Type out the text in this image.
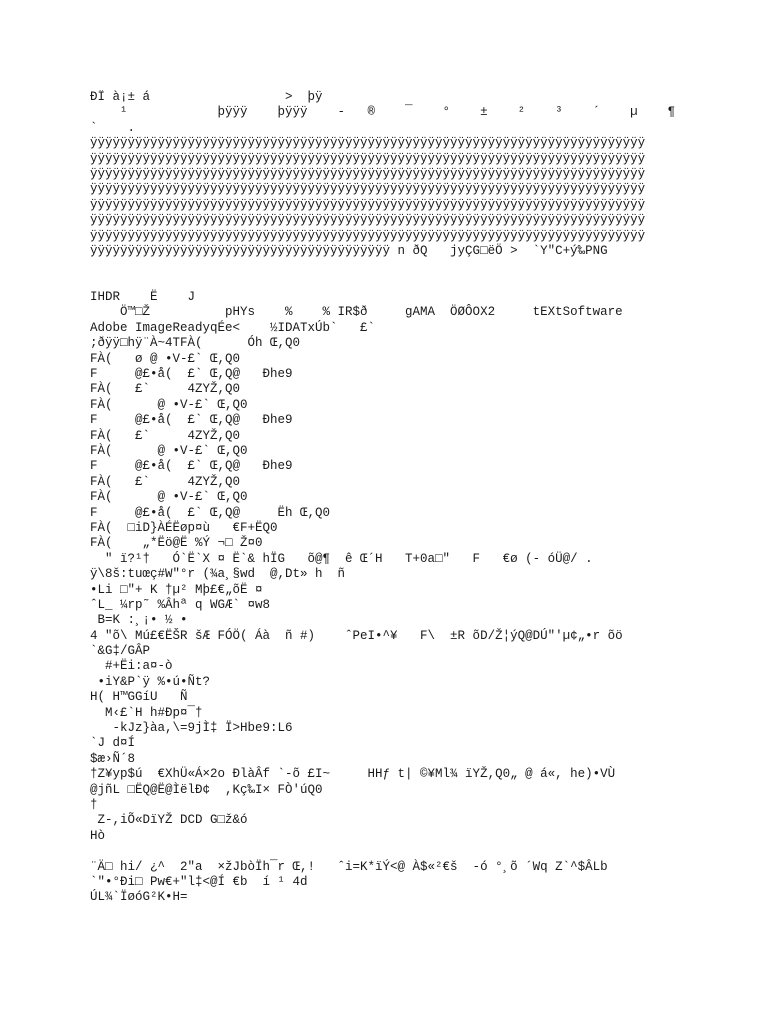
ÐÏ à¡± á                  >  þÿ
¹            þÿÿÿ    þÿÿÿ    -   ®    ¯    °    ±    ²    ³    ´    µ    ¶
`    .
ÿÿÿÿÿÿÿÿÿÿÿÿÿÿÿÿÿÿÿÿÿÿÿÿÿÿÿÿÿÿÿÿÿÿÿÿÿÿÿÿÿÿÿÿÿÿÿÿÿÿÿÿÿÿÿÿÿÿÿÿÿÿÿÿÿÿÿÿÿÿÿÿÿÿ
ÿÿÿÿÿÿÿÿÿÿÿÿÿÿÿÿÿÿÿÿÿÿÿÿÿÿÿÿÿÿÿÿÿÿÿÿÿÿÿÿÿÿÿÿÿÿÿÿÿÿÿÿÿÿÿÿÿÿÿÿÿÿÿÿÿÿÿÿÿÿÿÿÿÿ
ÿÿÿÿÿÿÿÿÿÿÿÿÿÿÿÿÿÿÿÿÿÿÿÿÿÿÿÿÿÿÿÿÿÿÿÿÿÿÿÿÿÿÿÿÿÿÿÿÿÿÿÿÿÿÿÿÿÿÿÿÿÿÿÿÿÿÿÿÿÿÿÿÿÿ
ÿÿÿÿÿÿÿÿÿÿÿÿÿÿÿÿÿÿÿÿÿÿÿÿÿÿÿÿÿÿÿÿÿÿÿÿÿÿÿÿÿÿÿÿÿÿÿÿÿÿÿÿÿÿÿÿÿÿÿÿÿÿÿÿÿÿÿÿÿÿÿÿÿÿ
ÿÿÿÿÿÿÿÿÿÿÿÿÿÿÿÿÿÿÿÿÿÿÿÿÿÿÿÿÿÿÿÿÿÿÿÿÿÿÿÿÿÿÿÿÿÿÿÿÿÿÿÿÿÿÿÿÿÿÿÿÿÿÿÿÿÿÿÿÿÿÿÿÿÿ
ÿÿÿÿÿÿÿÿÿÿÿÿÿÿÿÿÿÿÿÿÿÿÿÿÿÿÿÿÿÿÿÿÿÿÿÿÿÿÿÿÿÿÿÿÿÿÿÿÿÿÿÿÿÿÿÿÿÿÿÿÿÿÿÿÿÿÿÿÿÿÿÿÿÿ
ÿÿÿÿÿÿÿÿÿÿÿÿÿÿÿÿÿÿÿÿÿÿÿÿÿÿÿÿÿÿÿÿÿÿÿÿÿÿÿÿÿÿÿÿÿÿÿÿÿÿÿÿÿÿÿÿÿÿÿÿÿÿÿÿÿÿÿÿÿÿÿÿÿÿ
ÿÿÿÿÿÿÿÿÿÿÿÿÿÿÿÿÿÿÿÿÿÿÿÿÿÿÿÿÿÿÿÿÿÿÿÿÿÿÿÿ n ðQ   jyÇG□ëÖ >  `Y"C+ý‰PNG
IHDR    Ë    J
Ö™□Ž          pHYs    %    % IR$ð     gAMA  ÖØÔOX2     tEXtSoftware
Adobe ImageReadyqÉe<    ½IDATxÚb`   £`
;ðÿÿ□hÿ¨À~4TFÀ(      Óh Œ,Q0
FÀ(   ø @ •V-£` Œ,Q0
F     @£•å(  £` Œ,Q@   Ðhe9
FÀ(   £`     4ZYŽ,Q0
FÀ(      @ •V-£` Œ,Q0
F     @£•å(  £` Œ,Q@   Ðhe9
FÀ(   £`     4ZYŽ,Q0
FÀ(      @ •V-£` Œ,Q0
F     @£•å(  £` Œ,Q@   Ðhe9
FÀ(   £`     4ZYŽ,Q0
FÀ(      @ •V-£` Œ,Q0
F     @£•å(  £` Œ,Q@     Ëh Œ,Q0
FÀ(  □iD}ÀÉËøp¤ù   €F+ËQ0
FÀ(    „*Ëö@Ë %Ý ¬□ Ž¤0
" ï?¹†   Ó`Ë`X ¤ Ë`& hÏG   õ@¶  ê Œ´H   T+0a□"   F   €ø (- óÜ@/ .
ÿ\8š:tuœç#W"°r (¾a¸§wd  @,Dt» h  ñ
•Li □"+ K †µ² Mþ£€„õË ¤
ˆL_ ¼rp˜ %Âhª q WGÆ` ¤w8
B=K :¸¡• ½ •
4 "õ\ Mú£€ËŠR šÆ FÓÖ( Áà  ñ #)    ˆPeI•^¥   F\  ±R õD/Ž¦ýQ@DÚ"'µ¢„•r õö
`&G‡/GÂP
#+Ëi:a¤-ò
•iY&P`ÿ %•ú•Ñt?
H( H™GGíU   Ñ
M‹£`H h#Ðp¤¯†
-kJz}àa,\=9jÌ‡ Ï>Hbe9:L6
`J d¤Í
$æ›Ñ´8
†Z¥yp$ú  €XhÜ«Á×2o ÐlàÂf `-õ £I~     HHƒ t| ©¥Ml¾ ïYŽ,Q0„ @ á«, he)•VÙ
@jñL □ËQ@Ë@ÌëlÐ¢  ,Kç‰I× FÒ'úQ0
†
Z-,iÕ«DïYŽ DCD G□ž&ó
Hò
¨Ä□ hi/ ¿^  2"a  ×žJbòÏh¯r Œ,!   ˆi=K*ïÝ<@ À$«²€š  -ó °¸õ ´Wq Z`^$ÂLb
`"•°Ði□ Pw€+"l‡<@Í €b  í ¹ 4d
ÚL¾`ÏøóG²K•H=
